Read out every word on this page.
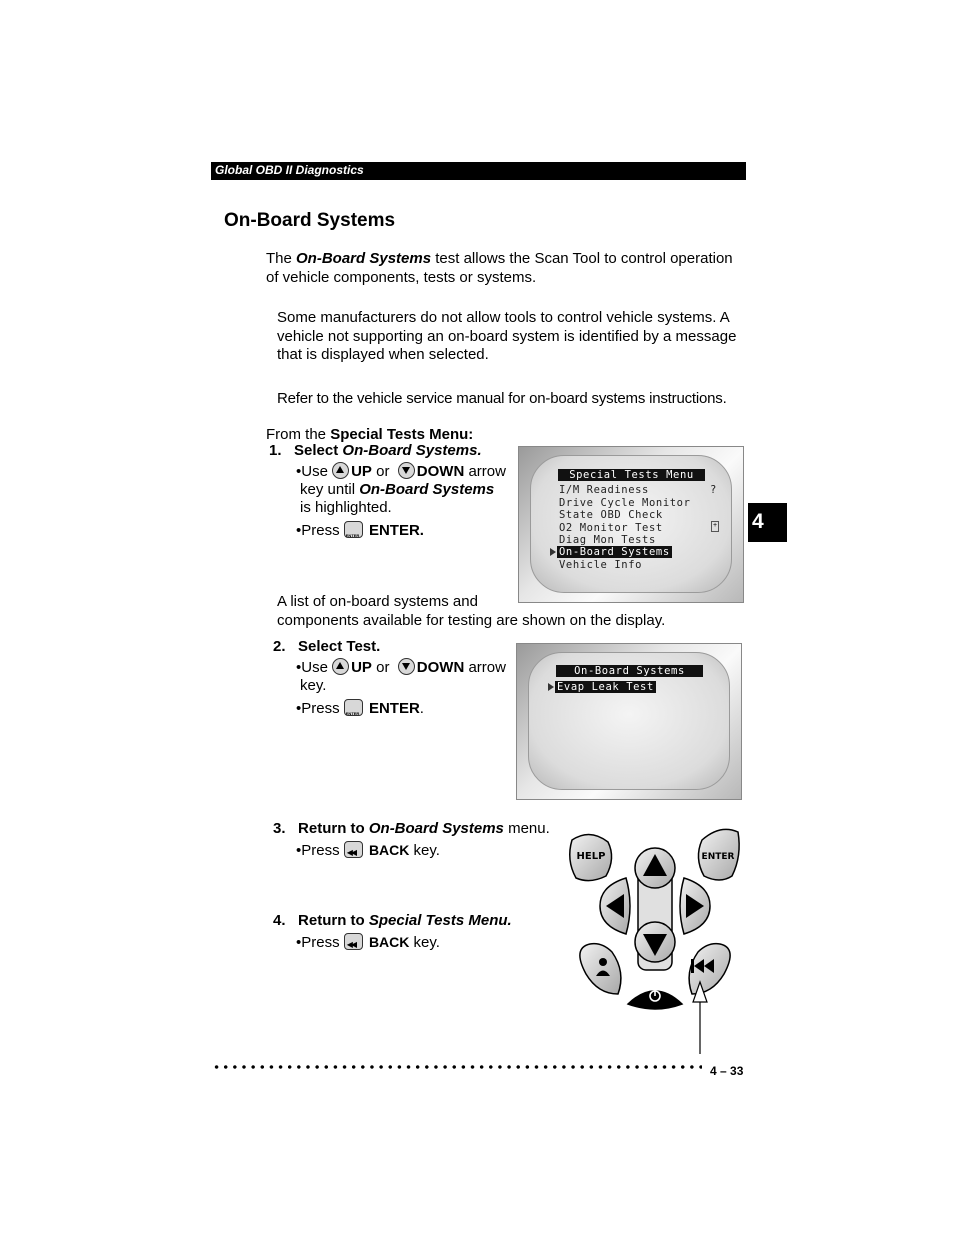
Global OBD II Diagnostics
On-Board Systems
The On-Board Systems test allows the Scan Tool to control operation
of vehicle components, tests or systems.
Some manufacturers do not allow tools to control vehicle systems. A
vehicle not supporting an on-board system is identified by a message
that is displayed when selected.
Refer to the vehicle service manual for on-board systems instructions.
From the Special Tests Menu:
1. Select On-Board Systems.
•Use UP or  DOWN arrow
key until On-Board Systems
is highlighted.
•Press ENTER ENTER.
Special Tests Menu
I/M Readiness	?
Drive Cycle Monitor
State OBD Check
O2 Monitor Test	+
Diag Mon Tests
On-Board Systems
Vehicle Info
4
A list of on-board systems and
components available for testing are shown on the display.
2. Select Test.
•Use UP or  DOWN arrow
key.
•Press ENTER ENTER.
On-Board Systems
Evap Leak Test
3. Return to On-Board Systems menu.
•Press ◀◀ BACK key.
4. Return to Special Tests Menu.
•Press ◀◀ BACK key.
HELP	ENTER
4 – 33
